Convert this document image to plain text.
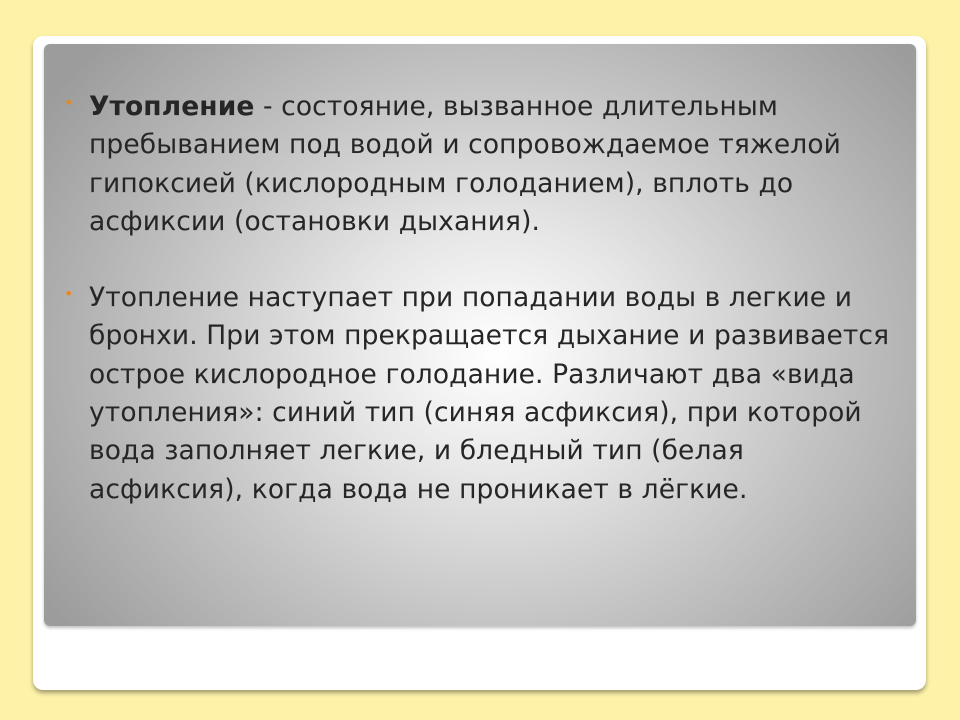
• Утопление - состояние, вызванное длительным пребыванием под водой и сопровождаемое тяжелой гипоксией (кислородным голоданием), вплоть до асфиксии (остановки дыхания).
• Утопление наступает при попадании воды в легкие и бронхи. При этом прекращается дыхание и развивается острое кислородное голодание. Различают два «вида утопления»: синий тип (синяя асфиксия), при которой вода заполняет легкие, и бледный тип (белая асфиксия), когда вода не проникает в лёгкие.
